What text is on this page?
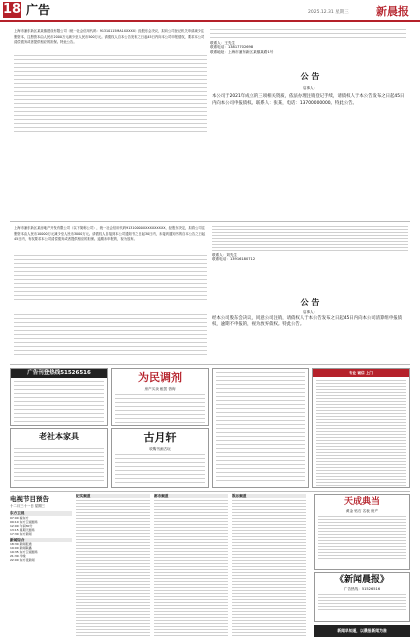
18 广告	2025.12.31 星期三 新晨报
上海市浦东新区某某镇建设有限公司（统一社会信用代码：91310115MA1XXXXX）经股东会决议，拟向公司登记机关申请减少注册资本，注册资本由人民币2000万元减少至人民币500万元。请债权人自本公告发布之日起45日内向本公司申报债权，要求本公司清偿债务或者提供相应的担保。特此公告。	联系人：王先生
联系电话：13817702698
联系地址：上海市浦东新区某镇某路1号
公 告
启事人：
本公司于2021年成立的三项相关资质，依法办理注销登记手续，请债权人于本公告发布之日起45日内向本公司申报债权。联系人：张某，电话：13700000000。特此公告。
上海市浦东新区某房地产开发有限公司（以下简称公司），统一社会信用代码91310000XXXXXXXXXX，经股东决定，拟将公司注册资本由人民币10000万元减少至人民币3000万元。请债权人自接到本公司通知书之日起30日内，未接到通知书的自本公告之日起45日内，有权要求本公司清偿债务或者提供相应的担保。逾期未申报的，视为放弃。
联系人：刘先生
联系电话：13916180712
公 告
启事人：
经本公司股东会决议，同意公司注销，请债权人于本公告发布之日起45日内向本公司清算组申报债权，逾期不申报的，视为放弃债权。特此公告。
广告刊登热线51526516
老社本家具
为民调剂
房产买卖 租赁 咨询
古月轩
收购书画古玩
专业 诚信 上门
电视节目预告
十二月三十一日 星期三
东方卫视
07:00 看东方
09:10 东方卫视剧场
12:00 午间30分
13:15 星期天剧场
17:30 东方新闻
新闻综合
18:30 新闻报道
19:00 新闻联播
19:35 东方卫视剧场
21:30 今晚
22:00 东方夜新闻
纪实频道	都市频道	娱乐频道
天成典当
黄金 钻石 名表 房产
《新闻晨报》
广告热线：51526516
新闻早知道，以晨报新闻为准
